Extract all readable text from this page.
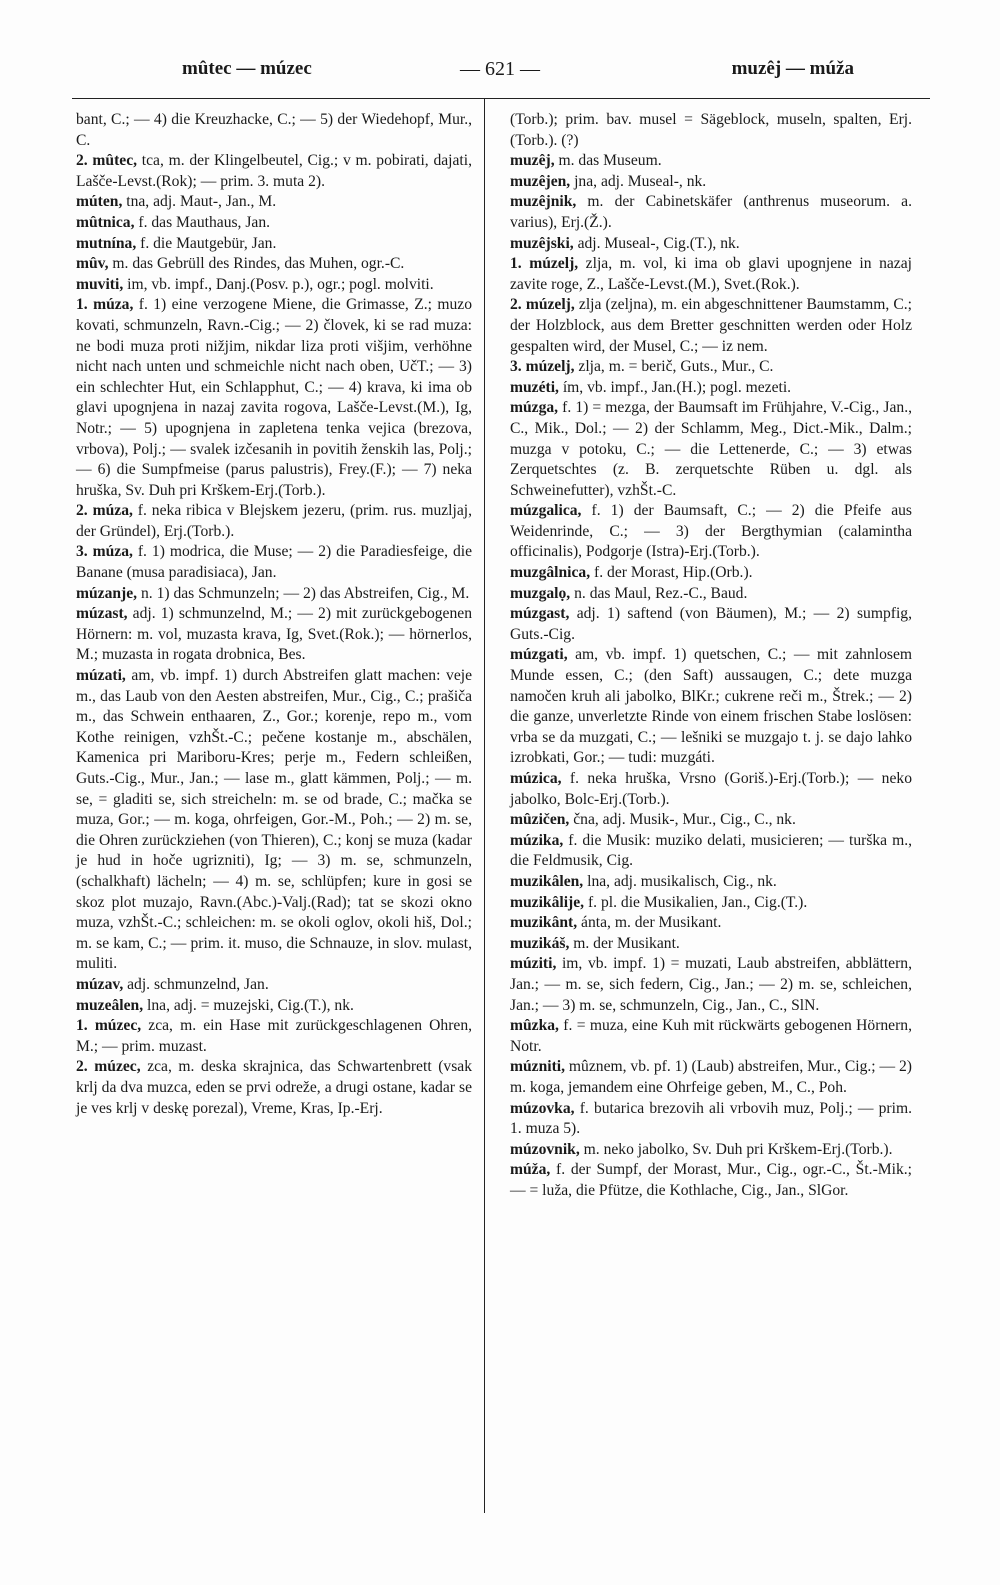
mûtec — múzec	— 621 —	muzêj — múža

bant, C.; — 4) die Kreuzhacke, C.; — 5) der Wiedehopf, Mur., C.

2. mûtec, tca, m. der Klingelbeutel, Cig.; v m. pobirati, dajati, Lašče-Levst.(Rok); — prim. 3. muta 2).

múten, tna, adj. Maut-, Jan., M.

mûtnica, f. das Mauthaus, Jan.

mutnína, f. die Mautgebür, Jan.

mûv, m. das Gebrüll des Rindes, das Muhen, ogr.-C.

muviti, im, vb. impf., Danj.(Posv. p.), ogr.; pogl. molviti.

1. múza, f. 1) eine verzogene Miene, die Grimasse, Z.; muzo kovati, schmunzeln, Ravn.-Cig.; — 2) človek, ki se rad muza: ne bodi muza proti nižjim, nikdar liza proti višjim, verhöhne nicht nach unten und schmeichle nicht nach oben, UčT.; — 3) ein schlechter Hut, ein Schlapphut, C.; — 4) krava, ki ima ob glavi upognjena in nazaj zavita rogova, Lašče-Levst.(M.), Ig, Notr.; — 5) upognjena in zapletena tenka vejica (brezova, vrbova), Polj.; — svalek izčesanih in povitih ženskih las, Polj.; — 6) die Sumpfmeise (parus palustris), Frey.(F.); — 7) neka hruška, Sv. Duh pri Krškem-Erj.(Torb.).

2. múza, f. neka ribica v Blejskem jezeru, (prim. rus. muzljaj, der Gründel), Erj.(Torb.).

3. múza, f. 1) modrica, die Muse; — 2) die Paradiesfeige, die Banane (musa paradisiaca), Jan.

múzanje, n. 1) das Schmunzeln; — 2) das Abstreifen, Cig., M.

múzast, adj. 1) schmunzelnd, M.; — 2) mit zurückgebogenen Hörnern: m. vol, muzasta krava, Ig, Svet.(Rok.); — hörnerlos, M.; muzasta in rogata drobnica, Bes.

múzati, am, vb. impf. 1) durch Abstreifen glatt machen: veje m., das Laub von den Aesten abstreifen, Mur., Cig., C.; prašiča m., das Schwein enthaaren, Z., Gor.; korenje, repo m., vom Kothe reinigen, vzhŠt.-C.; pečene kostanje m., abschälen, Kamenica pri Mariboru-Kres; perje m., Federn schleißen, Guts.-Cig., Mur., Jan.; — lase m., glatt kämmen, Polj.; — m. se, = gladiti se, sich streicheln: m. se od brade, C.; mačka se muza, Gor.; — m. koga, ohrfeigen, Gor.-M., Poh.; — 2) m. se, die Ohren zurückziehen (von Thieren), C.; konj se muza (kadar je hud in hoče ugrizniti), Ig; — 3) m. se, schmunzeln, (schalkhaft) lächeln; — 4) m. se, schlüpfen; kure in gosi se skoz plot muzajo, Ravn.(Abc.)-Valj.(Rad); tat se skozi okno muza, vzhŠt.-C.; schleichen: m. se okoli oglov, okoli hiš, Dol.; m. se kam, C.; — prim. it. muso, die Schnauze, in slov. mulast, muliti.

múzav, adj. schmunzelnd, Jan.

muzeâlen, lna, adj. = muzejski, Cig.(T.), nk.

1. múzec, zca, m. ein Hase mit zurückgeschlagenen Ohren, M.; — prim. muzast.

2. múzec, zca, m. deska skrajnica, das Schwartenbrett (vsak krlj da dva muzca, eden se prvi odreže, a drugi ostane, kadar se je ves krlj v deskę porezal), Vreme, Kras, Ip.-Erj.

(Torb.); prim. bav. musel = Sägeblock, museln, spalten, Erj.(Torb.). (?)

muzêj, m. das Museum.

muzêjen, jna, adj. Museal-, nk.

muzêjnik, m. der Cabinetskäfer (anthrenus museorum. a. varius), Erj.(Ž.).

muzêjski, adj. Museal-, Cig.(T.), nk.

1. múzelj, zlja, m. vol, ki ima ob glavi upognjene in nazaj zavite roge, Z., Lašče-Levst.(M.), Svet.(Rok.).

2. múzelj, zlja (zeljna), m. ein abgeschnittener Baumstamm, C.; der Holzblock, aus dem Bretter geschnitten werden oder Holz gespalten wird, der Musel, C.; — iz nem.

3. múzelj, zlja, m. = berič, Guts., Mur., C.

muzéti, ím, vb. impf., Jan.(H.); pogl. mezeti.

múzga, f. 1) = mezga, der Baumsaft im Frühjahre, V.-Cig., Jan., C., Mik., Dol.; — 2) der Schlamm, Meg., Dict.-Mik., Dalm.; muzga v potoku, C.; — die Lettenerde, C.; — 3) etwas Zerquetschtes (z. B. zerquetschte Rüben u. dgl. als Schweinefutter), vzhŠt.-C.

múzgalica, f. 1) der Baumsaft, C.; — 2) die Pfeife aus Weidenrinde, C.; — 3) der Bergthymian (calamintha officinalis), Podgorje (Istra)-Erj.(Torb.).

muzgâlnica, f. der Morast, Hip.(Orb.).

muzgalọ, n. das Maul, Rez.-C., Baud.

múzgast, adj. 1) saftend (von Bäumen), M.; — 2) sumpfig, Guts.-Cig.

múzgati, am, vb. impf. 1) quetschen, C.; — mit zahnlosem Munde essen, C.; (den Saft) aussaugen, C.; dete muzga namočen kruh ali jabolko, BlKr.; cukrene reči m., Štrek.; — 2) die ganze, unverletzte Rinde von einem frischen Stabe loslösen: vrba se da muzgati, C.; — lešniki se muzgajo t. j. se dajo lahko izrobkati, Gor.; — tudi: muzgáti.

múzica, f. neka hruška, Vrsno (Goriš.)-Erj.(Torb.); — neko jabolko, Bolc-Erj.(Torb.).

mûzičen, čna, adj. Musik-, Mur., Cig., C., nk.

múzika, f. die Musik: muziko delati, musicieren; — turška m., die Feldmusik, Cig.

muzikâlen, lna, adj. musikalisch, Cig., nk.

muzikâlije, f. pl. die Musikalien, Jan., Cig.(T.).

muzikânt, ánta, m. der Musikant.

muzikáš, m. der Musikant.

múziti, im, vb. impf. 1) = muzati, Laub abstreifen, abblättern, Jan.; — m. se, sich federn, Cig., Jan.; — 2) m. se, schleichen, Jan.; — 3) m. se, schmunzeln, Cig., Jan., C., SlN.

mûzka, f. = muza, eine Kuh mit rückwärts gebogenen Hörnern, Notr.

múzniti, mûznem, vb. pf. 1) (Laub) abstreifen, Mur., Cig.; — 2) m. koga, jemandem eine Ohrfeige geben, M., C., Poh.

múzovka, f. butarica brezovih ali vrbovih muz, Polj.; — prim. 1. muza 5).

múzovnik, m. neko jabolko, Sv. Duh pri Krškem-Erj.(Torb.).

múža, f. der Sumpf, der Morast, Mur., Cig., ogr.-C., Št.-Mik.; — = luža, die Pfütze, die Kothlache, Cig., Jan., SlGor.
